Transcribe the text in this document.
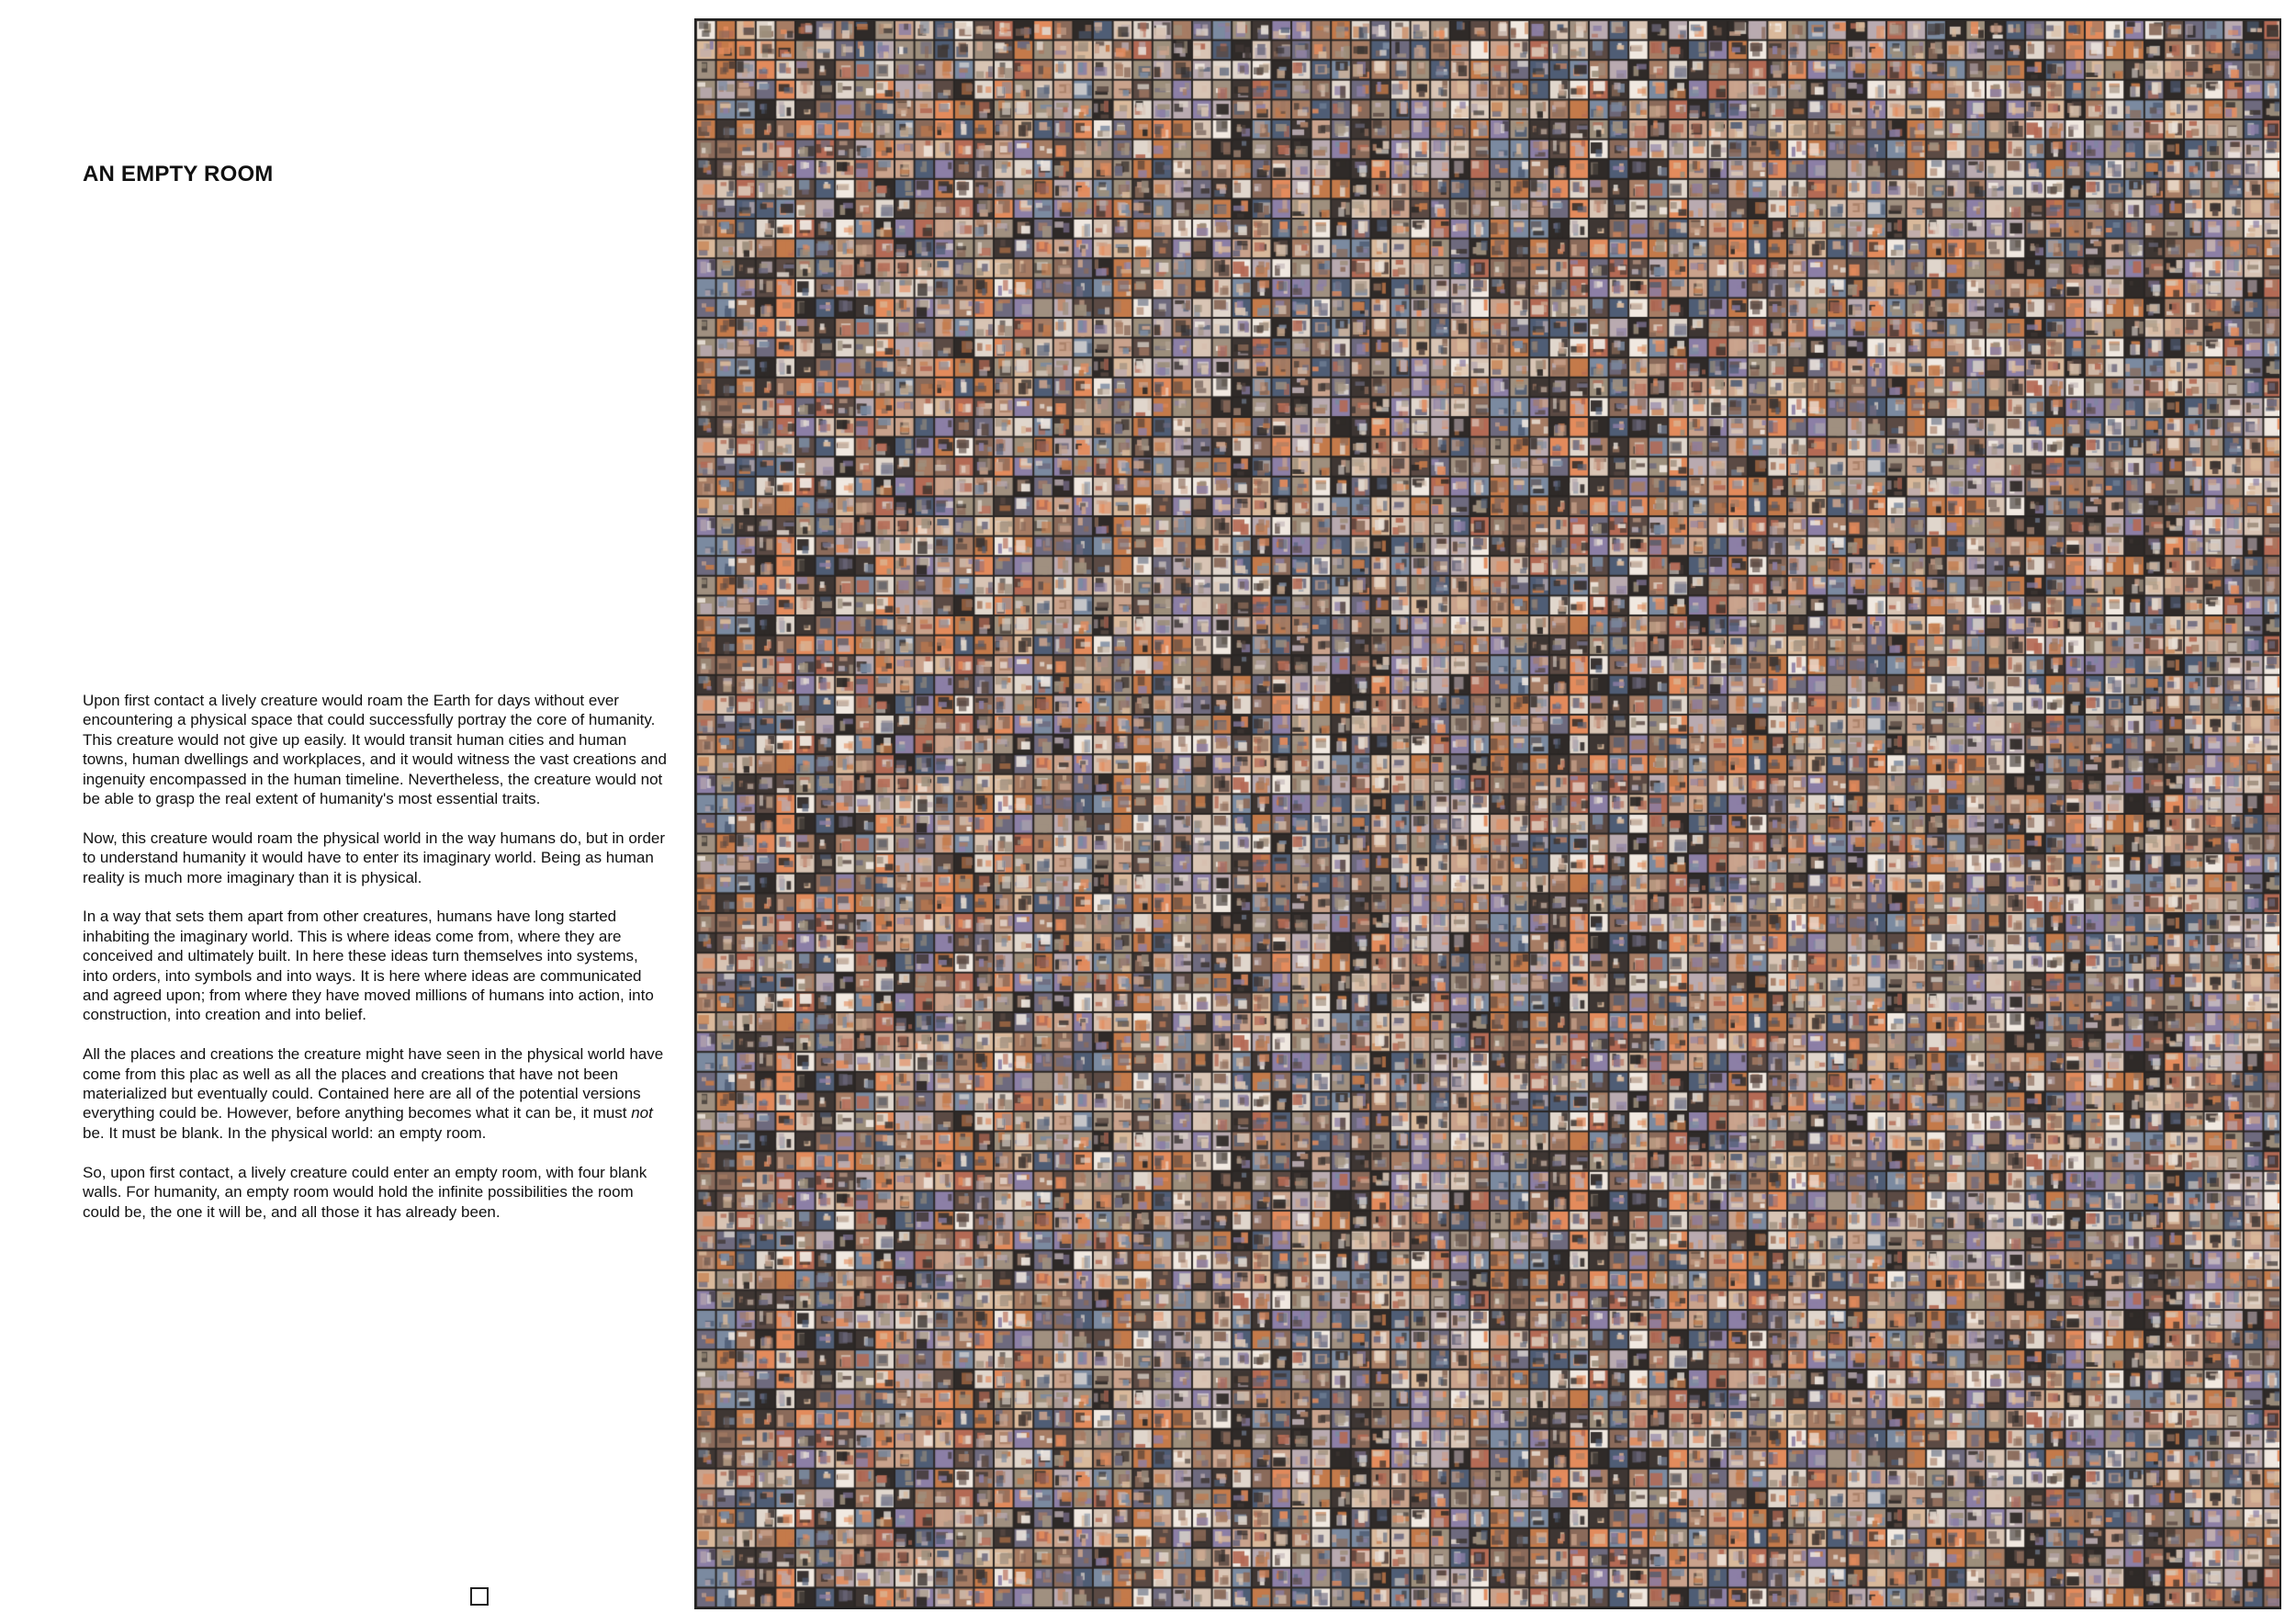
AN EMPTY ROOM

Upon first contact a lively creature would roam the Earth for days without ever encountering a physical space that could successfully portray the core of humanity. This creature would not give up easily. It would transit human cities and human towns, human dwellings and workplaces, and it would witness the vast creations and ingenuity encompassed in the human timeline. Nevertheless, the creature would not be able to grasp the real extent of humanity's most essential traits.

Now, this creature would roam the physical world in the way humans do, but in order to understand humanity it would have to enter its imaginary world. Being as human reality is much more imaginary than it is physical.

In a way that sets them apart from other creatures, humans have long started inhabiting the imaginary world. This is where ideas come from, where they are conceived and ultimately built. In here these ideas turn themselves into systems, into orders, into symbols and into ways. It is here where ideas are communicated and agreed upon; from where they have moved millions of humans into action, into construction, into creation and into belief.

All the places and creations the creature might have seen in the physical world have come from this plac as well as all the places and creations that have not been materialized but eventually could. Contained here are all of the potential versions everything could be. However, before anything becomes what it can be, it must not be. It must be blank. In the physical world: an empty room.

So, upon first contact, a lively creature could enter an empty room, with four blank walls. For humanity, an empty room would hold the infinite possibilities the room could be, the one it will be, and all those it has already been.
